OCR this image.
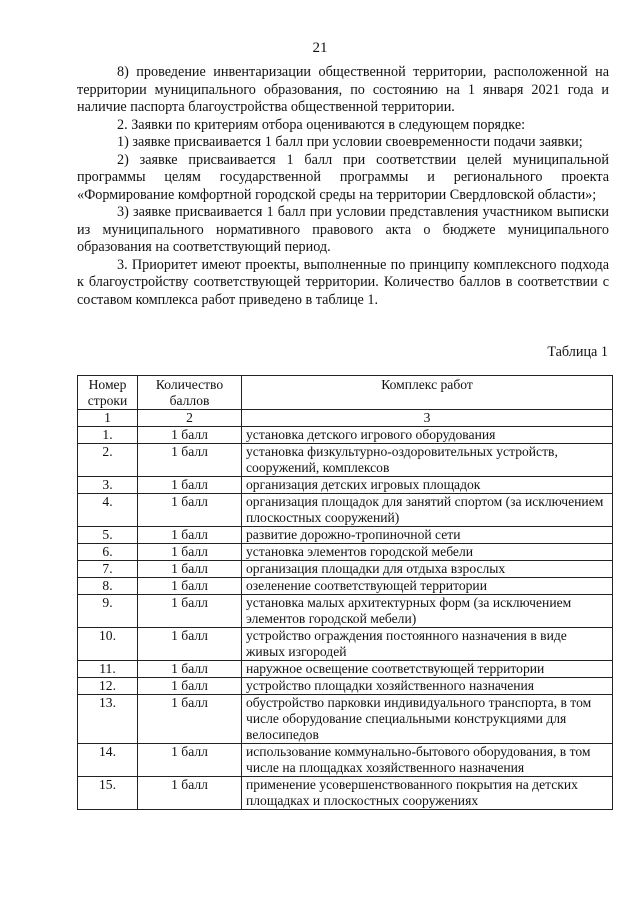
21

8) проведение инвентаризации общественной территории, расположенной на территории муниципального образования, по состоянию на 1 января 2021 года и наличие паспорта благоустройства общественной территории.

2. Заявки по критериям отбора оцениваются в следующем порядке:

1) заявке присваивается 1 балл при условии своевременности подачи заявки;

2) заявке присваивается 1 балл при соответствии целей муниципальной программы целям государственной программы и регионального проекта «Формирование комфортной городской среды на территории Свердловской области»;

3) заявке присваивается 1 балл при условии представления участником выписки из муниципального нормативного правового акта о бюджете муниципального образования на соответствующий период.

3. Приоритет имеют проекты, выполненные по принципу комплексного подхода к благоустройству соответствующей территории. Количество баллов в соответствии с составом комплекса работ приведено в таблице 1.

Таблица 1
Номер строки	Количество баллов	Комплекс работ
1	2	3
1.	1 балл	установка детского игрового оборудования
2.	1 балл	установка физкультурно-оздоровительных устройств, сооружений, комплексов
3.	1 балл	организация детских игровых площадок
4.	1 балл	организация площадок для занятий спортом (за исключением плоскостных сооружений)
5.	1 балл	развитие дорожно-тропиночной сети
6.	1 балл	установка элементов городской мебели
7.	1 балл	организация площадки для отдыха взрослых
8.	1 балл	озеленение соответствующей территории
9.	1 балл	установка малых архитектурных форм (за исключением элементов городской мебели)
10.	1 балл	устройство ограждения постоянного назначения в виде живых изгородей
11.	1 балл	наружное освещение соответствующей территории
12.	1 балл	устройство площадки хозяйственного назначения
13.	1 балл	обустройство парковки индивидуального транспорта, в том числе оборудование специальными конструкциями для велосипедов
14.	1 балл	использование коммунально-бытового оборудования, в том числе на площадках хозяйственного назначения
15.	1 балл	применение усовершенствованного покрытия на детских площадках и плоскостных сооружениях
